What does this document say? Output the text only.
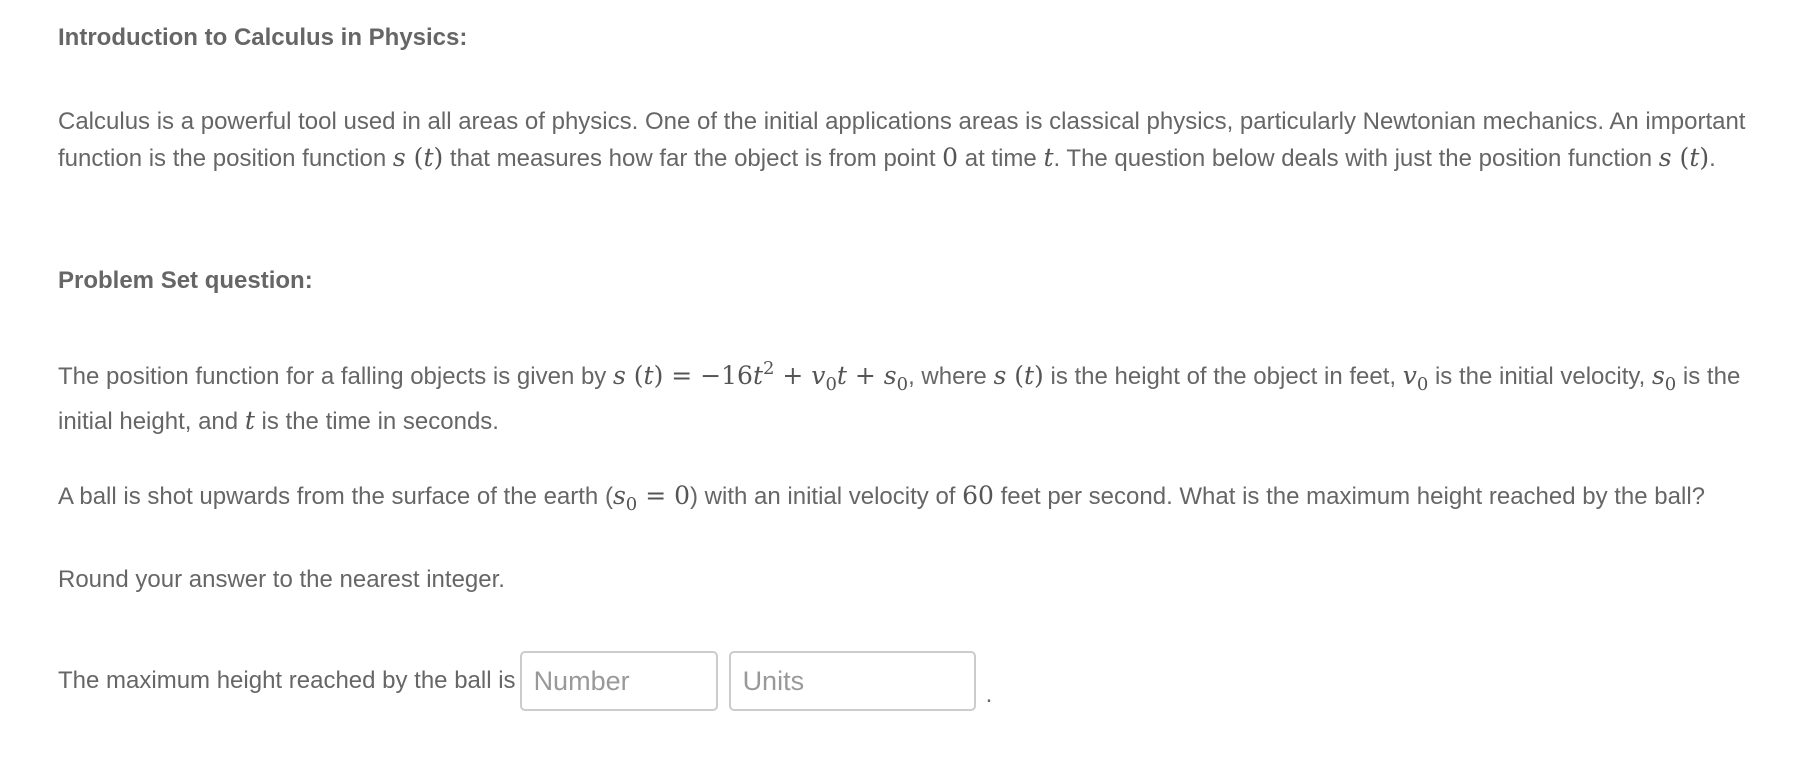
Introduction to Calculus in Physics:
Calculus is a powerful tool used in all areas of physics. One of the initial applications areas is classical physics, particularly Newtonian mechanics. An important function is the position function s (t) that measures how far the object is from point 0 at time t. The question below deals with just the position function s (t).
Problem Set question:
The position function for a falling objects is given by s $(t) = -16t^2 + v_0t + s_0$, where s (t) is the height of the object in feet, $v_0$ is the initial velocity, $s_0$ is the initial height, and t is the time in seconds.
A ball is shot upwards from the surface of the earth $(s_0 = 0)$ with an initial velocity of 60 feet per second. What is the maximum height reached by the ball?
Round your answer to the nearest integer.
The maximum height reached by the ball is
Number
Units
.
